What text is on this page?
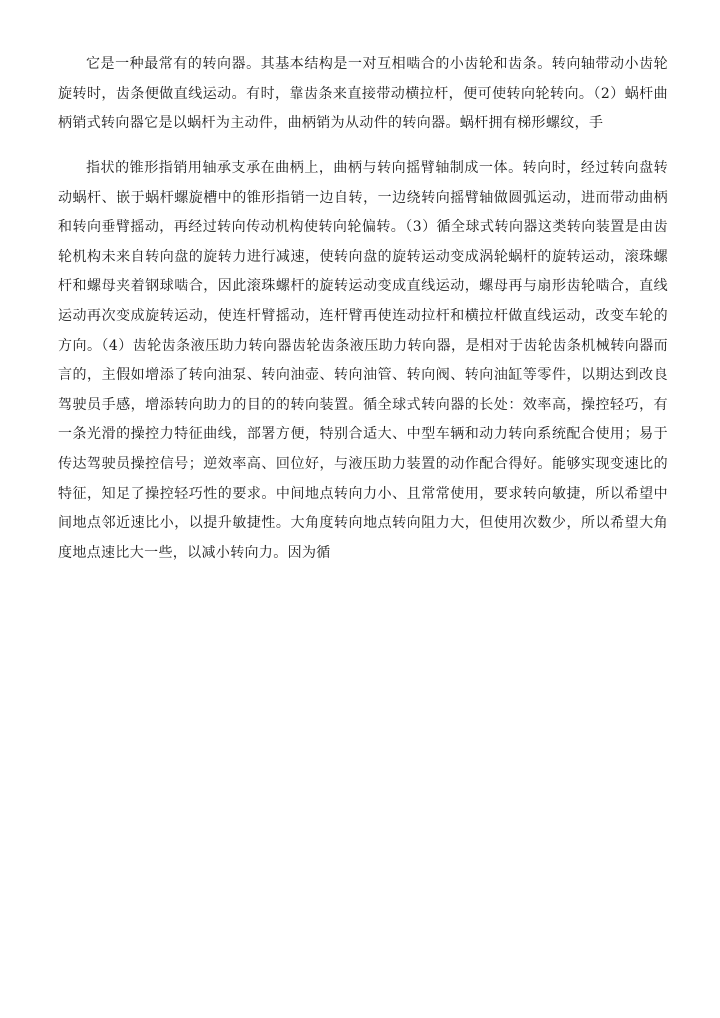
它是一种最常有的转向器。其基本结构是一对互相啮合的小齿轮和齿条。转向轴带动小齿轮旋转时，齿条便做直线运动。有时，靠齿条来直接带动横拉杆，便可使转向轮转向。（2）蜗杆曲柄销式转向器它是以蜗杆为主动件，曲柄销为从动件的转向器。蜗杆拥有梯形螺纹，手

指状的锥形指销用轴承支承在曲柄上，曲柄与转向摇臂轴制成一体。转向时，经过转向盘转动蜗杆、嵌于蜗杆螺旋槽中的锥形指销一边自转，一边绕转向摇臂轴做圆弧运动，进而带动曲柄和转向垂臂摇动，再经过转向传动机构使转向轮偏转。（3）循全球式转向器这类转向装置是由齿轮机构未来自转向盘的旋转力进行减速，使转向盘的旋转运动变成涡轮蜗杆的旋转运动，滚珠螺杆和螺母夹着钢球啮合，因此滚珠螺杆的旋转运动变成直线运动，螺母再与扇形齿轮啮合，直线运动再次变成旋转运动，使连杆臂摇动，连杆臂再使连动拉杆和横拉杆做直线运动，改变车轮的方向。（4）齿轮齿条液压助力转向器齿轮齿条液压助力转向器，是相对于齿轮齿条机械转向器而言的，主假如增添了转向油泵、转向油壶、转向油管、转向阀、转向油缸等零件，以期达到改良驾驶员手感，增添转向助力的目的的转向装置。循全球式转向器的长处：效率高，操控轻巧，有一条光滑的操控力特征曲线，部署方便，特别合适大、中型车辆和动力转向系统配合使用；易于传达驾驶员操控信号；逆效率高、回位好，与液压助力装置的动作配合得好。能够实现变速比的特征，知足了操控轻巧性的要求。中间地点转向力小、且常常使用，要求转向敏捷，所以希望中间地点邻近速比小，以提升敏捷性。大角度转向地点转向阻力大，但使用次数少，所以希望大角度地点速比大一些，以减小转向力。因为循
